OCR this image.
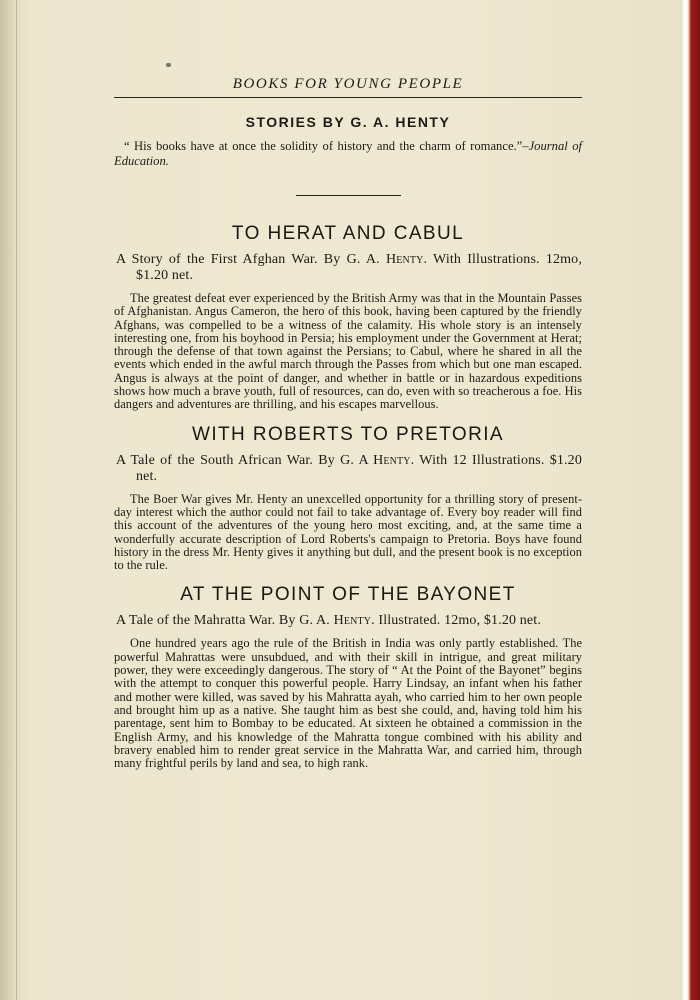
BOOKS FOR YOUNG PEOPLE
STORIES BY G. A. HENTY
“ His books have at once the solidity of history and the charm of romance.”–Journal of Education.
TO HERAT AND CABUL
A Story of the First Afghan War. By G. A. Henty. With Illustrations. 12mo, $1.20 net.
The greatest defeat ever experienced by the British Army was that in the Mountain Passes of Afghanistan. Angus Cameron, the hero of this book, having been captured by the friendly Afghans, was compelled to be a witness of the calamity. His whole story is an intensely interesting one, from his boyhood in Persia; his employment under the Government at Herat; through the defense of that town against the Persians; to Cabul, where he shared in all the events which ended in the awful march through the Passes from which but one man escaped. Angus is always at the point of danger, and whether in battle or in hazardous expeditions shows how much a brave youth, full of resources, can do, even with so treacherous a foe. His dangers and adventures are thrilling, and his escapes marvellous.
WITH ROBERTS TO PRETORIA
A Tale of the South African War. By G. A Henty. With 12 Illustrations. $1.20 net.
The Boer War gives Mr. Henty an unexcelled opportunity for a thrilling story of present-day interest which the author could not fail to take advantage of. Every boy reader will find this account of the adventures of the young hero most exciting, and, at the same time a wonderfully accurate description of Lord Roberts's campaign to Pretoria. Boys have found history in the dress Mr. Henty gives it anything but dull, and the present book is no exception to the rule.
AT THE POINT OF THE BAYONET
A Tale of the Mahratta War. By G. A. Henty. Illustrated. 12mo, $1.20 net.
One hundred years ago the rule of the British in India was only partly established. The powerful Mahrattas were unsubdued, and with their skill in intrigue, and great military power, they were exceedingly dangerous. The story of “ At the Point of the Bayonet” begins with the attempt to conquer this powerful people. Harry Lindsay, an infant when his father and mother were killed, was saved by his Mahratta ayah, who carried him to her own people and brought him up as a native. She taught him as best she could, and, having told him his parentage, sent him to Bombay to be educated. At sixteen he obtained a commission in the English Army, and his knowledge of the Mahratta tongue combined with his ability and bravery enabled him to render great service in the Mahratta War, and carried him, through many frightful perils by land and sea, to high rank.
